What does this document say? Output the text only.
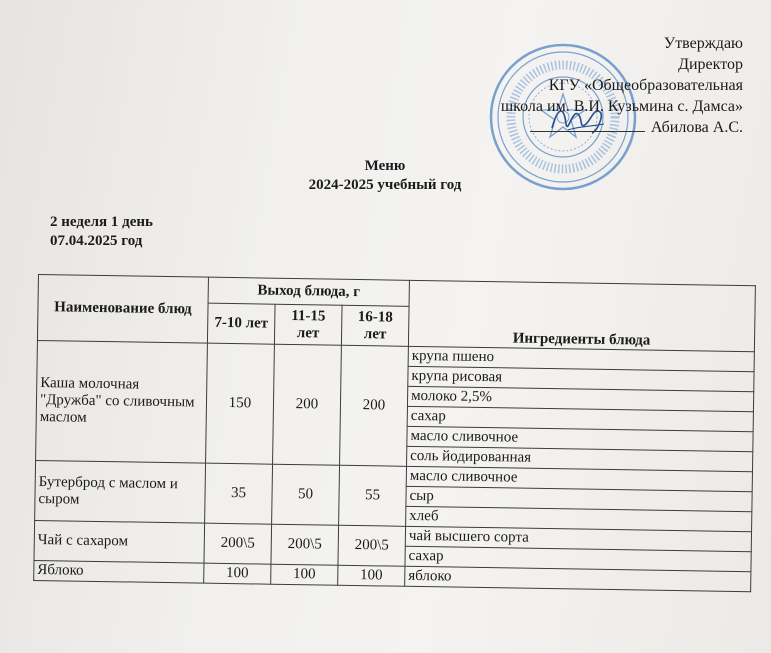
Утверждаю
Директор
КГУ «Общеобразовательная
школа им. В.И. Кузьмина с. Дамса»
Абилова А.С.
Меню
2024-2025 учебный год
2 неделя 1 день
07.04.2025 год
Наименование блюд	Выход блюда, г			Ингредиенты блюда
	7-10 лет	11-15 лет	16-18 лет	
Каша молочная "Дружба" со сливочным маслом	150	200	200	крупа пшено
				крупа рисовая
				молоко 2,5%
				сахар
				масло сливочное
				соль йодированная
Бутерброд с маслом и сыром	35	50	55	масло сливочное
				сыр
				хлеб
Чай с сахаром	200\5	200\5	200\5	чай высшего сорта
				сахар
Яблоко	100	100	100	яблоко
